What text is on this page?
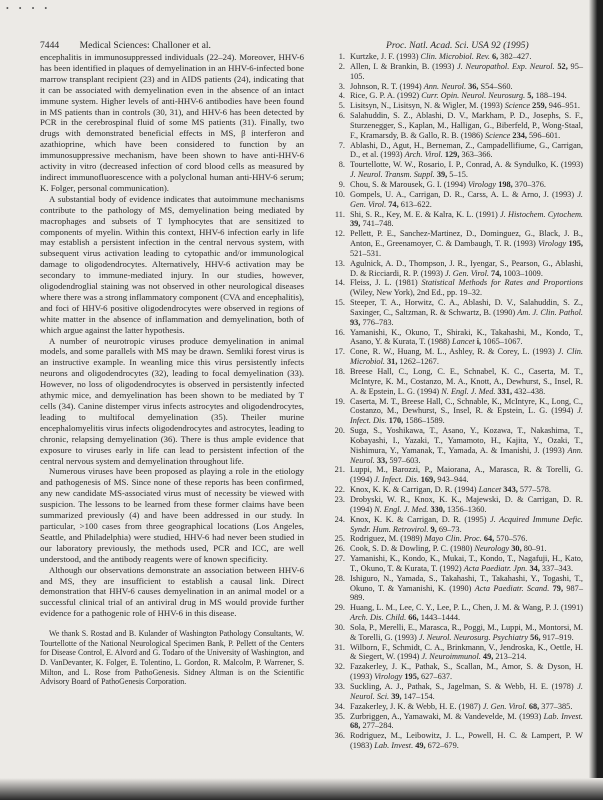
• • • •
7444 Medical Sciences: Challoner et al.	Proc. Natl. Acad. Sci. USA 92 (1995)

encephalitis in immunosuppressed individuals (22–24). Moreover, HHV-6 has been identified in plaques of demyelination in an HHV-6-infected bone marrow transplant recipient (23) and in AIDS patients (24), indicating that it can be associated with demyelination even in the absence of an intact immune system. Higher levels of anti-HHV-6 antibodies have been found in MS patients than in controls (30, 31), and HHV-6 has been detected by PCR in the cerebrospinal fluid of some MS patients (31). Finally, two drugs with demonstrated beneficial effects in MS, β interferon and azathioprine, which have been considered to function by an immunosuppressive mechanism, have been shown to have anti-HHV-6 activity in vitro (decreased infection of cord blood cells as measured by indirect immunofluorescence with a polyclonal human anti-HHV-6 serum; K. Folger, personal communication).

A substantial body of evidence indicates that autoimmune mechanisms contribute to the pathology of MS, demyelination being mediated by macrophages and subsets of T lymphocytes that are sensitized to components of myelin. Within this context, HHV-6 infection early in life may establish a persistent infection in the central nervous system, with subsequent virus activation leading to cytopathic and/or immunological damage to oligodendrocytes. Alternatively, HHV-6 activation may be secondary to immune-mediated injury. In our studies, however, oligodendroglial staining was not observed in other neurological diseases where there was a strong inflammatory component (CVA and encephalitis), and foci of HHV-6 positive oligodendrocytes were observed in regions of white matter in the absence of inflammation and demyelination, both of which argue against the latter hypothesis.

A number of neurotropic viruses produce demyelination in animal models, and some parallels with MS may be drawn. Semliki forest virus is an instructive example. In weanling mice this virus persistently infects neurons and oligodendrocytes (32), leading to focal demyelination (33). However, no loss of oligodendrocytes is observed in persistently infected athymic mice, and demyelination has been shown to be mediated by T cells (34). Canine distemper virus infects astrocytes and oligodendrocytes, leading to multifocal demyelination (35). Theiler murine encephalomyelitis virus infects oligodendrocytes and astrocytes, leading to chronic, relapsing demyelination (36). There is thus ample evidence that exposure to viruses early in life can lead to persistent infection of the central nervous system and demyelination throughout life.

Numerous viruses have been proposed as playing a role in the etiology and pathogenesis of MS. Since none of these reports has been confirmed, any new candidate MS-associated virus must of necessity be viewed with suspicion. The lessons to be learned from these former claims have been summarized previously (4) and have been addressed in our study. In particular, >100 cases from three geographical locations (Los Angeles, Seattle, and Philadelphia) were studied, HHV-6 had never been studied in our laboratory previously, the methods used, PCR and ICC, are well understood, and the antibody reagents were of known specificity.

Although our observations demonstrate an association between HHV-6 and MS, they are insufficient to establish a causal link. Direct demonstration that HHV-6 causes demyelination in an animal model or a successful clinical trial of an antiviral drug in MS would provide further evidence for a pathogenic role of HHV-6 in this disease.

We thank S. Rostad and B. Kulander of Washington Pathology Consultants, W. Tourtellotte of the National Neurological Specimen Bank, P. Pellett of the Centers for Disease Control, E. Alvord and G. Todaro of the University of Washington, and D. VanDevanter, K. Folger, E. Tolentino, L. Gordon, R. Malcolm, P. Warrener, S. Milton, and L. Rose from PathoGenesis. Sidney Altman is on the Scientific Advisory Board of PathoGenesis Corporation.

1. Kurtzke, J. F. (1993) Clin. Microbiol. Rev. 6, 382–427.
2. Allen, I. & Brankin, B. (1993) J. Neuropathol. Exp. Neurol. 52, 95–105.
3. Johnson, R. T. (1994) Ann. Neurol. 36, S54–S60.
4. Rice, G. P. A. (1992) Curr. Opin. Neurol. Neurosurg. 5, 188–194.
5. Lisitsyn, N., Lisitsyn, N. & Wigler, M. (1993) Science 259, 946–951.
6. Salahuddin, S. Z., Ablashi, D. V., Markham, P. D., Josephs, S. F., Sturzenegger, S., Kaplan, M., Halligan, G., Biberfeld, P., Wong-Staal, F., Kramarsdy, B. & Gallo, R. B. (1986) Science 234, 596–601.
7. Ablashi, D., Agut, H., Berneman, Z., Campadellifiume, G., Carrigan, D., et al. (1993) Arch. Virol. 129, 363–366.
8. Tourtellotte, W. W., Rosario, I. P., Conrad, A. & Syndulko, K. (1993) J. Neurol. Transm. Suppl. 39, 5–15.
9. Chou, S. & Marousek, G. I. (1994) Virology 198, 370–376.
10. Gompels, U. A., Carrigan, D. R., Carss, A. L. & Arno, J. (1993) J. Gen. Virol. 74, 613–622.
11. Shi, S. R., Key, M. E. & Kalra, K. L. (1991) J. Histochem. Cytochem. 39, 741–748.
12. Pellett, P. E., Sanchez-Martinez, D., Dominguez, G., Black, J. B., Anton, E., Greenamoyer, C. & Dambaugh, T. R. (1993) Virology 195, 521–531.
13. Agulnick, A. D., Thompson, J. R., Iyengar, S., Pearson, G., Ablashi, D. & Ricciardi, R. P. (1993) J. Gen. Virol. 74, 1003–1009.
14. Fleiss, J. L. (1981) Statistical Methods for Rates and Proportions (Wiley, New York), 2nd Ed., pp. 19–32.
15. Steeper, T. A., Horwitz, C. A., Ablashi, D. V., Salahuddin, S. Z., Saxinger, C., Saltzman, R. & Schwartz, B. (1990) Am. J. Clin. Pathol. 93, 776–783.
16. Yamanishi, K., Okuno, T., Shiraki, K., Takahashi, M., Kondo, T., Asano, Y. & Kurata, T. (1988) Lancet i, 1065–1067.
17. Cone, R. W., Huang, M. L., Ashley, R. & Corey, L. (1993) J. Clin. Microbiol. 31, 1262–1267.
18. Breese Hall, C., Long, C. E., Schnabel, K. C., Caserta, M. T., McIntyre, K. M., Costanzo, M. A., Knott, A., Dewhurst, S., Insel, R. A. & Epstein, L. G. (1994) N. Engl. J. Med. 331, 432–438.
19. Caserta, M. T., Breese Hall, C., Schnable, K., McIntyre, K., Long, C., Costanzo, M., Dewhurst, S., Insel, R. & Epstein, L. G. (1994) J. Infect. Dis. 170, 1586–1589.
20. Suga, S., Yoshikawa, T., Asano, Y., Kozawa, T., Nakashima, T., Kobayashi, I., Yazaki, T., Yamamoto, H., Kajita, Y., Ozaki, T., Nishimura, Y., Yamanak, T., Yamada, A. & Imanishi, J. (1993) Ann. Neurol. 33, 597–603.
21. Luppi, M., Barozzi, P., Maiorana, A., Marasca, R. & Torelli, G. (1994) J. Infect. Dis. 169, 943–944.
22. Knox, K. K. & Carrigan, D. R. (1994) Lancet 343, 577–578.
23. Drobyski, W. R., Knox, K. K., Majewski, D. & Carrigan, D. R. (1994) N. Engl. J. Med. 330, 1356–1360.
24. Knox, K. K. & Carrigan, D. R. (1995) J. Acquired Immune Defic. Syndr. Hum. Retrovirol. 9, 69–73.
25. Rodriguez, M. (1989) Mayo Clin. Proc. 64, 570–576.
26. Cook, S. D. & Dowling, P. C. (1980) Neurology 30, 80–91.
27. Yamanishi, K., Kondo, K., Mukai, T., Kondo, T., Nagafuji, H., Kato, T., Okuno, T. & Kurata, T. (1992) Acta Paediatr. Jpn. 34, 337–343.
28. Ishiguro, N., Yamada, S., Takahashi, T., Takahashi, Y., Togashi, T., Okuno, T. & Yamanishi, K. (1990) Acta Paediatr. Scand. 79, 987–989.
29. Huang, L. M., Lee, C. Y., Lee, P. L., Chen, J. M. & Wang, P. J. (1991) Arch. Dis. Child. 66, 1443–1444.
30. Sola, P., Merelli, E., Marasca, R., Poggi, M., Luppi, M., Montorsi, M. & Torelli, G. (1993) J. Neurol. Neurosurg. Psychiatry 56, 917–919.
31. Wilborn, F., Schmidt, C. A., Brinkmann, V., Jendroska, K., Oettle, H. & Siegert, W. (1994) J. Neuroimmunol. 49, 213–214.
32. Fazakerley, J. K., Pathak, S., Scallan, M., Amor, S. & Dyson, H. (1993) Virology 195, 627–637.
33. Suckling, A. J., Pathak, S., Jagelman, S. & Webb, H. E. (1978) J. Neurol. Sci. 39, 147–154.
34. Fazakerley, J. K. & Webb, H. E. (1987) J. Gen. Virol. 68, 377–385.
35. Zurbriggen, A., Yamawaki, M. & Vandevelde, M. (1993) Lab. Invest. 68, 277–284.
36. Rodriguez, M., Leibowitz, J. L., Powell, H. C. & Lampert, P. W (1983) Lab. Invest. 49, 672–679.
